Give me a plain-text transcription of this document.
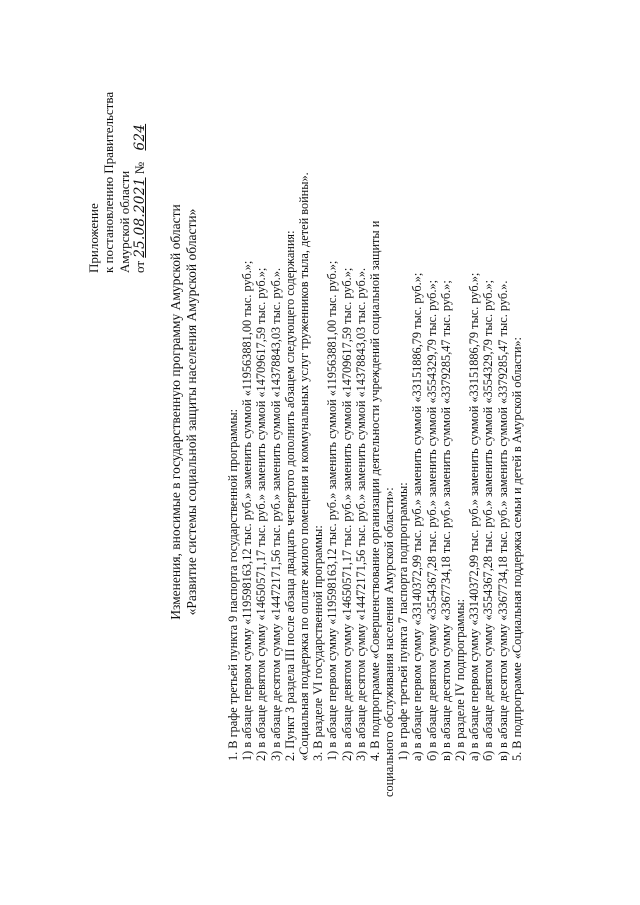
Приложение к постановлению Правительства Амурской области от 25.08.2021 № 624
Изменения, вносимые в государственную программу Амурской области «Развитие системы социальной защиты населения Амурской области» 1. В графе третьей пункта 9 паспорта государственной программы: 1) в абзаце первом сумму «119598163,12 тыс. руб.» заменить суммой «119563881,00 тыс. руб.»; 2) в абзаце девятом сумму «14650571,17 тыс. руб.» заменить суммой «14709617,59 тыс. руб.»; 3) в абзаце десятом сумму «14472171,56 тыс. руб.» заменить суммой «14378843,03 тыс. руб.». 2. Пункт 3 раздела III после абзаца двадцать четвертого дополнить абзацем следующего содержания: «Социальная поддержка по оплате жилого помещения и коммунальных услуг труженников тыла, детей войны». 3. В разделе VI государственной программы: 1) в абзаце первом сумму «119598163,12 тыс. руб.» заменить суммой «119563881,00 тыс. руб.»; 2) в абзаце девятом сумму «14650571,17 тыс. руб.» заменить суммой «14709617,59 тыс. руб.»; 3) в абзаце десятом сумму «14472171,56 тыс. руб.» заменить суммой «14378843,03 тыс. руб.». 4. В подпрограмме «Совершенствование организации деятельности учреждений социальной защиты и социального обслуживания населения Амурской области»: 1) в графе третьей пункта 7 паспорта подпрограммы: а) в абзаце первом сумму «33140372,99 тыс. руб.» заменить суммой «33151886,79 тыс. руб.»; б) в абзаце девятом сумму «3554367,28 тыс. руб.» заменить суммой «3554329,79 тыс. руб.»; в) в абзаце десятом сумму «3367734,18 тыс. руб.» заменить суммой «3379285,47 тыс. руб.»; 2) в разделе IV подпрограммы: а) в абзаце первом сумму «33140372,99 тыс. руб.» заменить суммой «33151886,79 тыс. руб.»; б) в абзаце девятом сумму «3554367,28 тыс. руб.» заменить суммой «3554329,79 тыс. руб.»; в) в абзаце десятом сумму «3367734,18 тыс. руб.» заменить суммой «3379285,47 тыс. руб.». 5. В подпрограмме «Социальная поддержка семьи и детей в Амурской области»:
